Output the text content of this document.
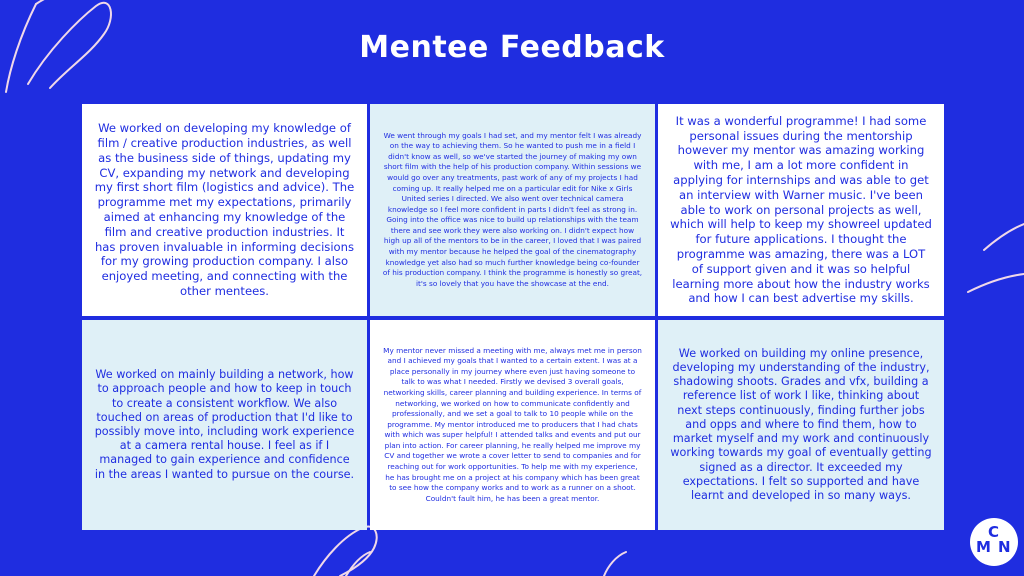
Mentee Feedback

We worked on developing my knowledge of film / creative production industries, as well as the business side of things, updating my CV, expanding my network and developing my first short film (logistics and advice). The programme met my expectations, primarily aimed at enhancing my knowledge of the film and creative production industries. It has proven invaluable in informing decisions for my growing production company. I also enjoyed meeting, and connecting with the other mentees.

We went through my goals I had set, and my mentor felt I was already on the way to achieving them. So he wanted to push me in a field I didn't know as well, so we've started the journey of making my own short film with the help of his production company. Within sessions we would go over any treatments, past work of any of my projects I had coming up. It really helped me on a particular edit for Nike x Girls United series I directed. We also went over technical camera knowledge so I feel more confident in parts I didn't feel as strong in. Going into the office was nice to build up relationships with the team there and see work they were also working on. I didn't expect how high up all of the mentors to be in the career, I loved that I was paired with my mentor because he helped the goal of the cinematography knowledge yet also had so much further knowledge being co-founder of his production company. I think the programme is honestly so great, it's so lovely that you have the showcase at the end.

It was a wonderful programme! I had some personal issues during the mentorship however my mentor was amazing working with me, I am a lot more confident in applying for internships and was able to get an interview with Warner music. I've been able to work on personal projects as well, which will help to keep my showreel updated for future applications. I thought the programme was amazing, there was a LOT of support given and it was so helpful learning more about how the industry works and how I can best advertise my skills.

We worked on mainly building a network, how to approach people and how to keep in touch to create a consistent workflow. We also touched on areas of production that I'd like to possibly move into, including work experience at a camera rental house. I feel as if I managed to gain experience and confidence in the areas I wanted to pursue on the course.

My mentor never missed a meeting with me, always met me in person and I achieved my goals that I wanted to a certain extent. I was at a place personally in my journey where even just having someone to talk to was what I needed. Firstly we devised 3 overall goals, networking skills, career planning and building experience. In terms of networking, we worked on how to communicate confidently and professionally, and we set a goal to talk to 10 people while on the programme. My mentor introduced me to producers that I had chats with which was super helpful! I attended talks and events and put our plan into action. For career planning, he really helped me improve my CV and together we wrote a cover letter to send to companies and for reaching out for work opportunities. To help me with my experience, he has brought me on a project at his company which has been great to see how the company works and to work as a runner on a shoot. Couldn't fault him, he has been a great mentor.

We worked on building my online presence, developing my understanding of the industry, shadowing shoots. Grades and vfx, building a reference list of work I like, thinking about next steps continuously, finding further jobs and opps and where to find them, how to market myself and my work and continuously working towards my goal of eventually getting signed as a director. It exceeded my expectations. I felt so supported and have learnt and developed in so many ways.

C
M N
